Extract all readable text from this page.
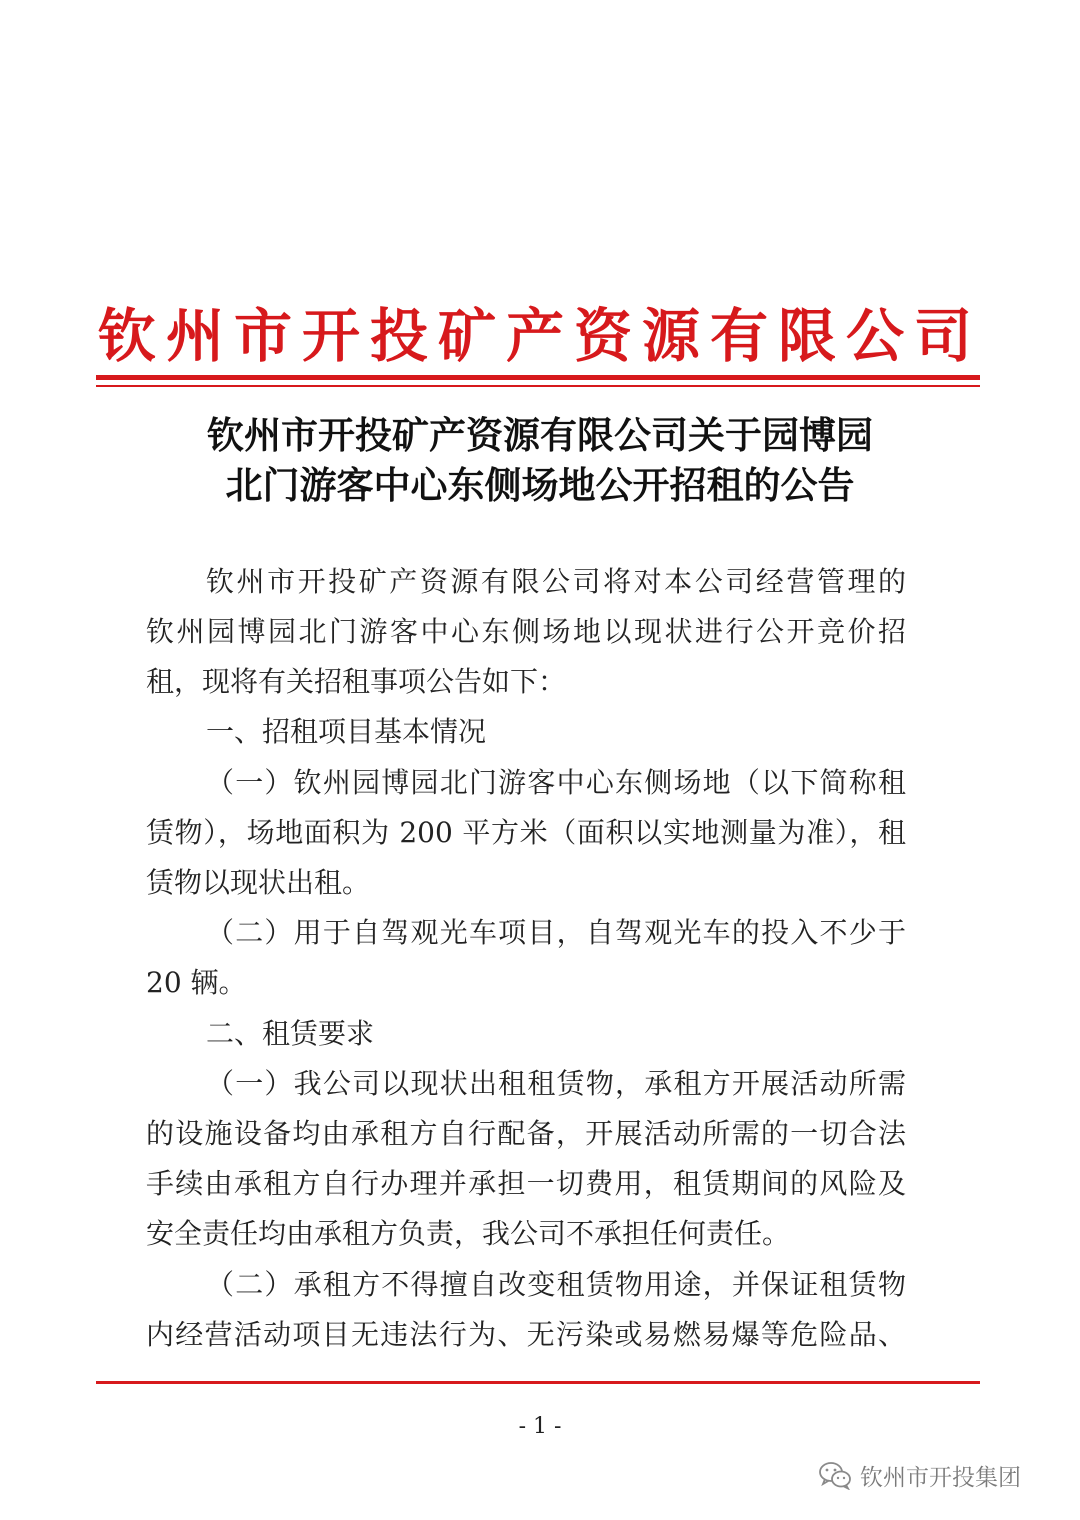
钦州市开投矿产资源有限公司
钦州市开投矿产资源有限公司关于园博园
北门游客中心东侧场地公开招租的公告
钦州市开投矿产资源有限公司将对本公司经营管理的
钦州园博园北门游客中心东侧场地以现状进行公开竞价招
租，现将有关招租事项公告如下：
一、招租项目基本情况
（一）钦州园博园北门游客中心东侧场地（以下简称租
赁物），场地面积为 200 平方米（面积以实地测量为准），租
赁物以现状出租。
（二）用于自驾观光车项目，自驾观光车的投入不少于
20 辆。
二、租赁要求
（一）我公司以现状出租租赁物，承租方开展活动所需
的设施设备均由承租方自行配备，开展活动所需的一切合法
手续由承租方自行办理并承担一切费用，租赁期间的风险及
安全责任均由承租方负责，我公司不承担任何责任。
（二）承租方不得擅自改变租赁物用途，并保证租赁物
内经营活动项目无违法行为、无污染或易燃易爆等危险品、
- 1 -
钦州市开投集团
